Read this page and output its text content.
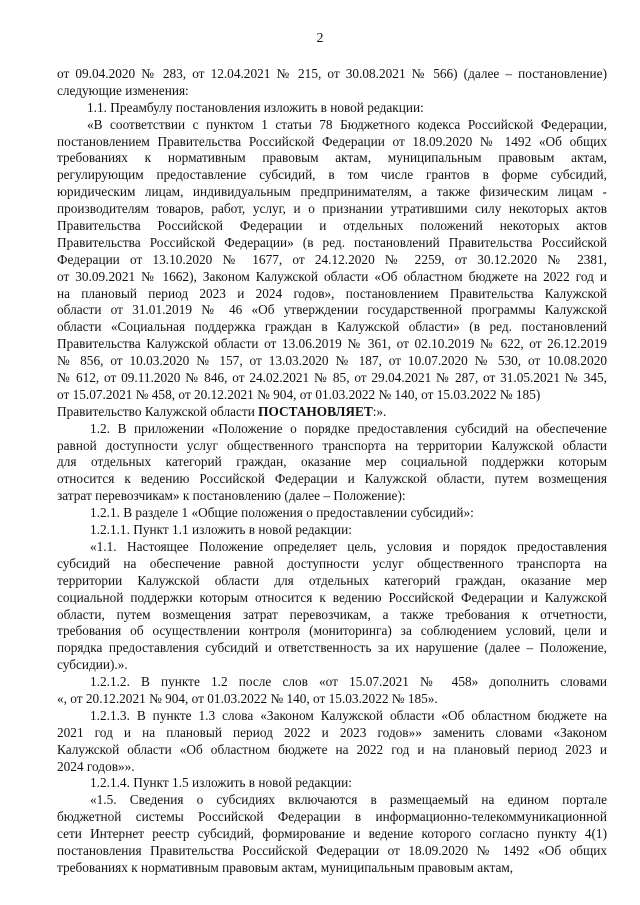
2
от 09.04.2020 № 283, от 12.04.2021 № 215, от 30.08.2021 № 566) (далее – постановление)
следующие изменения:
1.1. Преамбулу постановления изложить в новой редакции:
«В соответствии с пунктом 1 статьи 78 Бюджетного кодекса Российской Федерации,
постановлением Правительства Российской Федерации от 18.09.2020 № 1492 «Об общих
требованиях к нормативным правовым актам, муниципальным правовым актам,
регулирующим предоставление субсидий, в том числе грантов в форме субсидий,
юридическим лицам, индивидуальным предпринимателям, а также физическим лицам -
производителям товаров, работ, услуг, и о признании утратившими силу некоторых актов
Правительства Российской Федерации и отдельных положений некоторых актов
Правительства Российской Федерации» (в ред. постановлений Правительства Российской
Федерации от 13.10.2020 № 1677, от 24.12.2020 № 2259, от 30.12.2020 № 2381,
от 30.09.2021 № 1662), Законом Калужской области «Об областном бюджете на 2022 год и
на плановый период 2023 и 2024 годов», постановлением Правительства Калужской
области от 31.01.2019 № 46 «Об утверждении государственной программы Калужской
области «Социальная поддержка граждан в Калужской области» (в ред. постановлений
Правительства Калужской области от 13.06.2019 № 361, от 02.10.2019 № 622, от 26.12.2019
№ 856, от 10.03.2020 № 157, от 13.03.2020 № 187, от 10.07.2020 № 530, от 10.08.2020
№ 612, от 09.11.2020 № 846, от 24.02.2021 № 85, от 29.04.2021 № 287, от 31.05.2021 № 345,
от 15.07.2021 № 458, от 20.12.2021 № 904, от 01.03.2022 № 140, от 15.03.2022 № 185)
Правительство Калужской области ПОСТАНОВЛЯЕТ:».
1.2. В приложении «Положение о порядке предоставления субсидий на обеспечение
равной доступности услуг общественного транспорта на территории Калужской области
для отдельных категорий граждан, оказание мер социальной поддержки которым
относится к ведению Российской Федерации и Калужской области, путем возмещения
затрат перевозчикам» к постановлению (далее – Положение):
1.2.1. В разделе 1 «Общие положения о предоставлении субсидий»:
1.2.1.1. Пункт 1.1 изложить в новой редакции:
«1.1. Настоящее Положение определяет цель, условия и порядок предоставления
субсидий на обеспечение равной доступности услуг общественного транспорта на
территории Калужской области для отдельных категорий граждан, оказание мер
социальной поддержки которым относится к ведению Российской Федерации и Калужской
области, путем возмещения затрат перевозчикам, а также требования к отчетности,
требования об осуществлении контроля (мониторинга) за соблюдением условий, цели и
порядка предоставления субсидий и ответственность за их нарушение (далее – Положение,
субсидии).».
1.2.1.2. В пункте 1.2 после слов «от 15.07.2021 № 458» дополнить словами
«, от 20.12.2021 № 904, от 01.03.2022 № 140, от 15.03.2022 № 185».
1.2.1.3. В пункте 1.3 слова «Законом Калужской области «Об областном бюджете на
2021 год и на плановый период 2022 и 2023 годов»» заменить словами «Законом
Калужской области «Об областном бюджете на 2022 год и на плановый период 2023 и
2024 годов»».
1.2.1.4. Пункт 1.5 изложить в новой редакции:
«1.5. Сведения о субсидиях включаются в размещаемый на едином портале
бюджетной системы Российской Федерации в информационно-телекоммуникационной
сети Интернет реестр субсидий, формирование и ведение которого согласно пункту 4(1)
постановления Правительства Российской Федерации от 18.09.2020 № 1492 «Об общих
требованиях к нормативным правовым актам, муниципальным правовым актам,
